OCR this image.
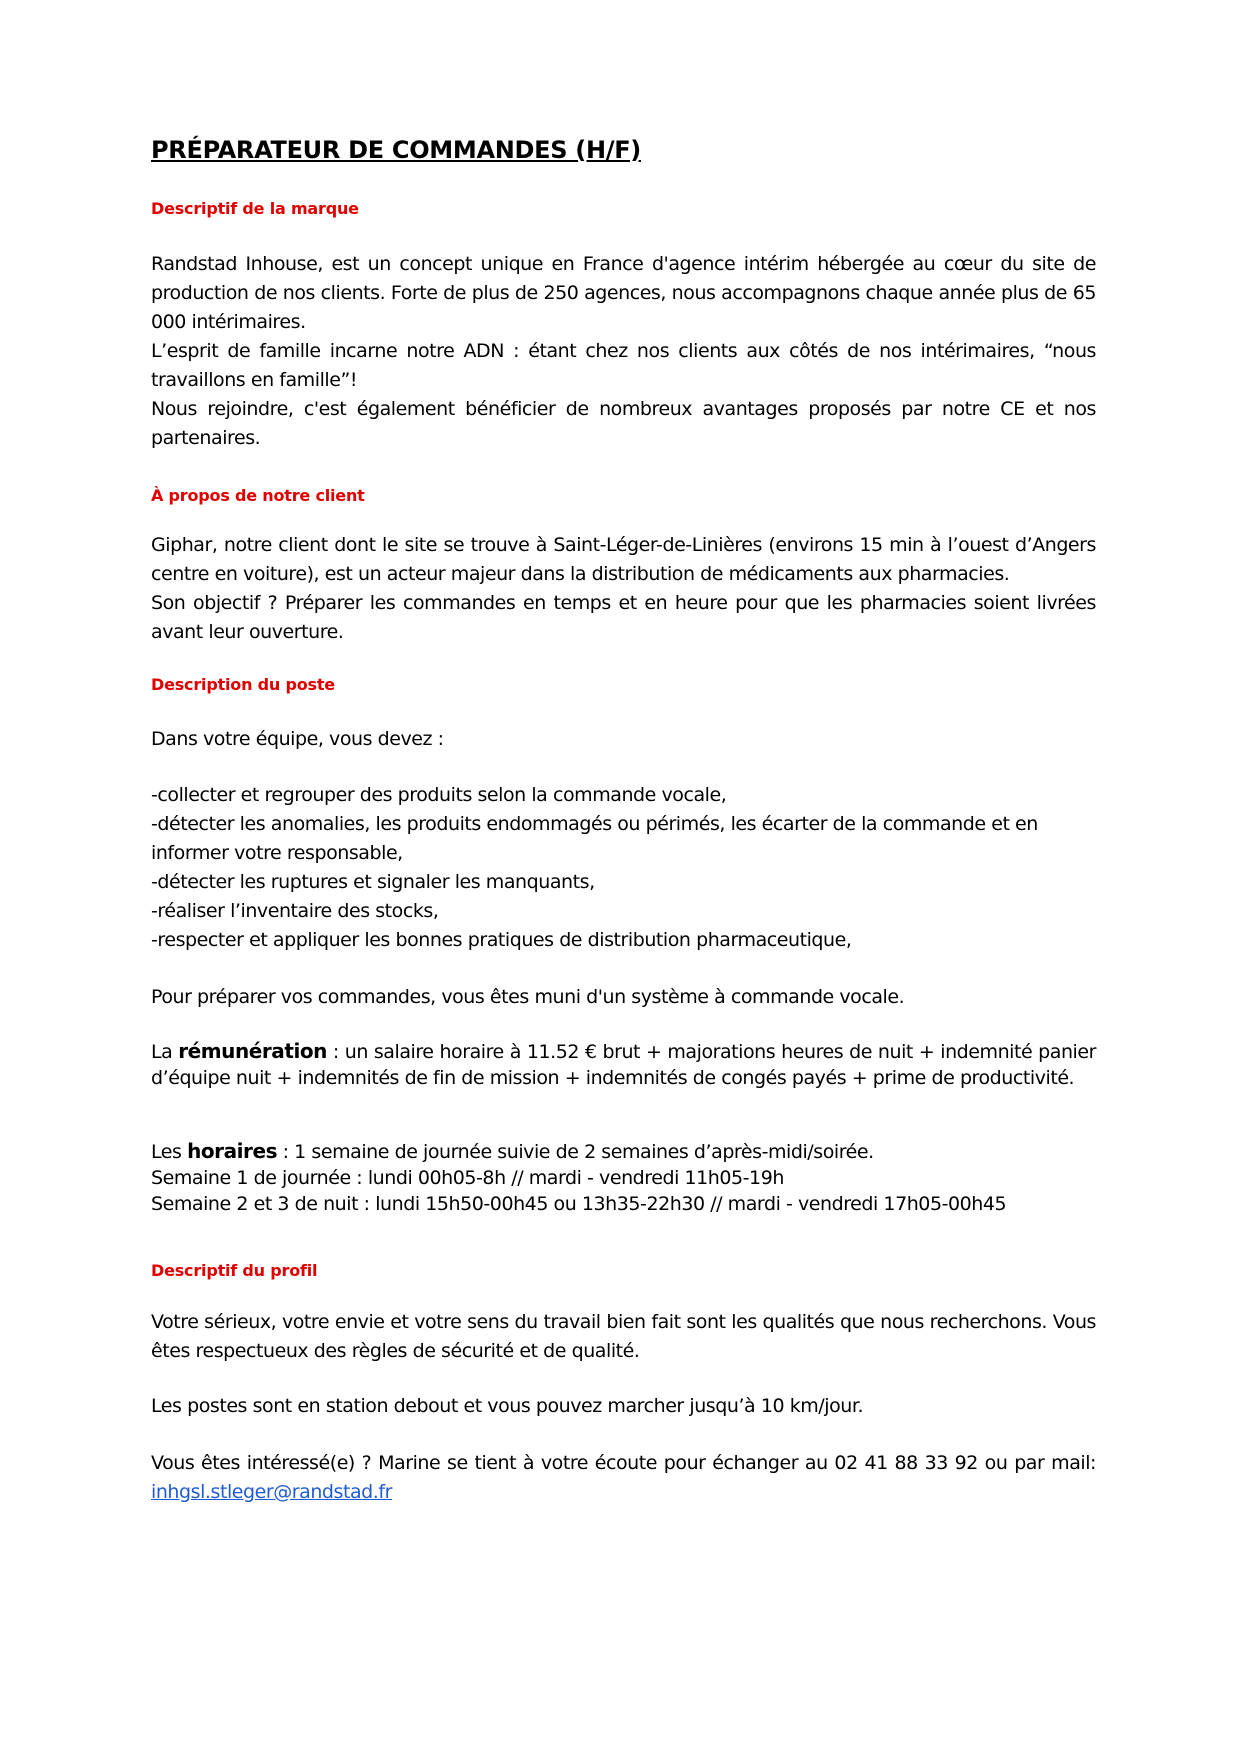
PRÉPARATEUR DE COMMANDES (H/F)
Descriptif de la marque
Randstad Inhouse, est un concept unique en France d'agence intérim hébergée au cœur du site de production de nos clients. Forte de plus de 250 agences, nous accompagnons chaque année plus de 65 000 intérimaires.
L’esprit de famille incarne notre ADN : étant chez nos clients aux côtés de nos intérimaires, “nous travaillons en famille”!
Nous rejoindre, c'est également bénéficier de nombreux avantages proposés par notre CE et nos partenaires.
À propos de notre client
Giphar, notre client dont le site se trouve à Saint-Léger-de-Linières (environs 15 min à l’ouest d’Angers centre en voiture), est un acteur majeur dans la distribution de médicaments aux pharmacies.
Son objectif ? Préparer les commandes en temps et en heure pour que les pharmacies soient livrées avant leur ouverture.
Description du poste
Dans votre équipe, vous devez :
-collecter et regrouper des produits selon la commande vocale,
-détecter les anomalies, les produits endommagés ou périmés, les écarter de la commande et en informer votre responsable,
-détecter les ruptures et signaler les manquants,
-réaliser l’inventaire des stocks,
-respecter et appliquer les bonnes pratiques de distribution pharmaceutique,
Pour préparer vos commandes, vous êtes muni d'un système à commande vocale.
La rémunération : un salaire horaire à 11.52 € brut + majorations heures de nuit + indemnité panier d’équipe nuit + indemnités de fin de mission + indemnités de congés payés + prime de productivité.
Les horaires : 1 semaine de journée suivie de 2 semaines d’après-midi/soirée.
Semaine 1 de journée : lundi 00h05-8h // mardi - vendredi 11h05-19h
Semaine 2 et 3 de nuit : lundi 15h50-00h45 ou 13h35-22h30 // mardi - vendredi 17h05-00h45
Descriptif du profil
Votre sérieux, votre envie et votre sens du travail bien fait sont les qualités que nous recherchons. Vous êtes respectueux des règles de sécurité et de qualité.
Les postes sont en station debout et vous pouvez marcher jusqu’à 10 km/jour.
Vous êtes intéressé(e) ? Marine se tient à votre écoute pour échanger au 02 41 88 33 92 ou par mail: inhgsl.stleger@randstad.fr
